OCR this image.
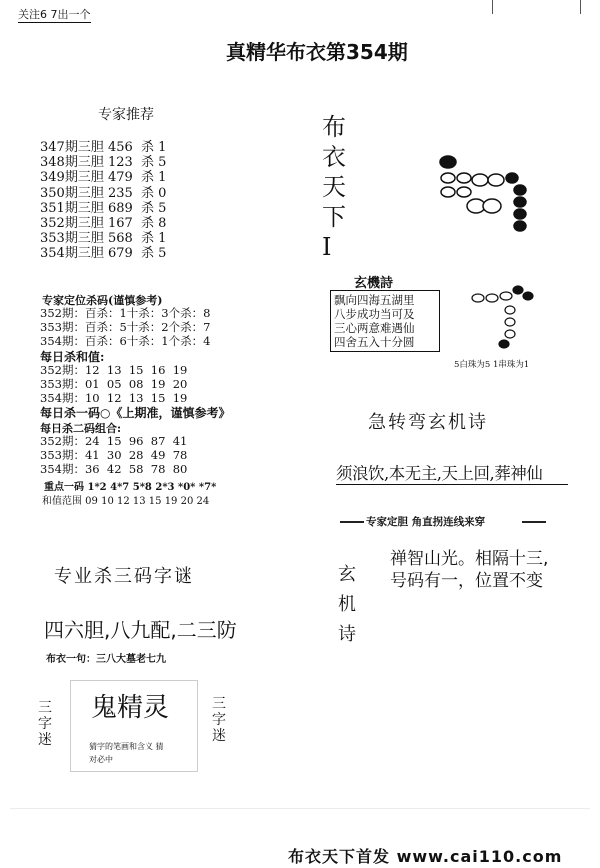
关注6 7出一个
真精华布衣第354期
专家推荐
347期三胆 456  杀 1
348期三胆 123  杀 5
349期三胆 479  杀 1
350期三胆 235  杀 0
351期三胆 689  杀 5
352期三胆 167  杀 8
353期三胆 568  杀 1
354期三胆 679  杀 5
专家定位杀码(谨慎参考)
352期：百杀：1十杀：3个杀：8
353期：百杀：5十杀：2个杀：7
354期：百杀：6十杀：1个杀：4
每日杀和值:
352期：12  13  15  16  19
353期：01  05  08  19  20
354期：10  12  13  15  19
每日杀一码○《上期准，谨慎参考》
每日杀二码组合:
352期：24  15  96  87  41
353期：41  30  28  49  78
354期：36  42  58  78  80
重点一码 1*2 4*7 5*8 2*3 *0* *7*
和值范围 09 10 12 13 15 19 20 24
专业杀三码字谜
四六胆,八九配,二三防
布衣一句：三八大墓老七九
鬼精灵
猜字的笔画和含义 猜
对必中
三字迷
三字迷
布衣天下I
玄機詩
飘向四海五湖里
八步成功当可及
三心两意难遇仙
四舍五入十分圆
5白珠为5 1串珠为1
急转弯玄机诗
须浪饮,本无主,天上回,葬神仙
专家定胆 角直拐连线来穿
玄机诗
禅智山光。相隔十三,
号码有一，位置不变
布衣天下首发 www.cai110.com
